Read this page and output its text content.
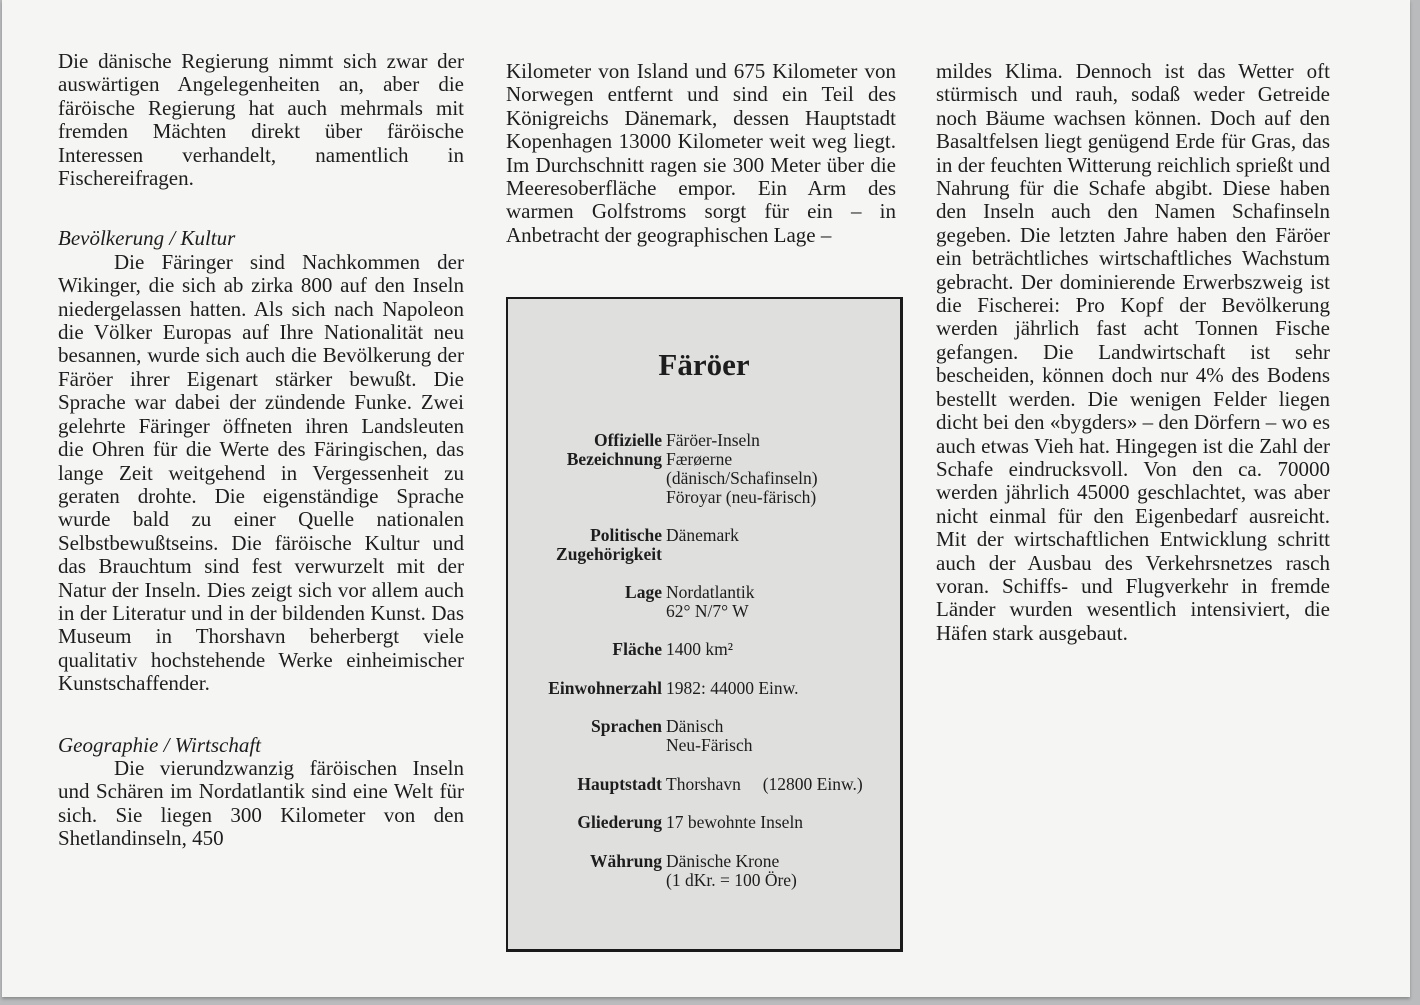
Die dänische Regierung nimmt sich zwar der auswärtigen Angelegenheiten an, aber die färöische Regierung hat auch mehrmals mit fremden Mächten direkt über färöische Interessen verhandelt, namentlich in Fischereifragen.

Bevölkerung / Kultur

Die Färinger sind Nachkommen der Wikinger, die sich ab zirka 800 auf den Inseln niedergelassen hatten. Als sich nach Napoleon die Völker Europas auf Ihre Nationalität neu besannen, wurde sich auch die Bevölkerung der Färöer ihrer Eigenart stärker bewußt. Die Sprache war dabei der zündende Funke. Zwei gelehrte Färinger öffneten ihren Landsleuten die Ohren für die Werte des Färingischen, das lange Zeit weitgehend in Vergessenheit zu geraten drohte. Die eigenständige Sprache wurde bald zu einer Quelle nationalen Selbstbewußtseins. Die färöische Kultur und das Brauchtum sind fest verwurzelt mit der Natur der Inseln. Dies zeigt sich vor allem auch in der Literatur und in der bildenden Kunst. Das Museum in Thorshavn beherbergt viele qualitativ hochstehende Werke einheimischer Kunstschaffender.

Geographie / Wirtschaft

Die vierundzwanzig färöischen Inseln und Schären im Nordatlantik sind eine Welt für sich. Sie liegen 300 Kilometer von den Shetlandinseln, 450

Kilometer von Island und 675 Kilometer von Norwegen entfernt und sind ein Teil des Königreichs Dänemark, dessen Hauptstadt Kopenhagen 13000 Kilometer weit weg liegt. Im Durchschnitt ragen sie 300 Meter über die Meeresoberfläche empor. Ein Arm des warmen Golfstroms sorgt für ein – in Anbetracht der geographischen Lage –

Färöer
Offizielle
Bezeichnung
Färöer-Inseln
Færøerne
(dänisch/Schafinseln)
Föroyar (neu-färisch)
Politische
Zugehörigkeit
Dänemark
Lage Nordatlantik
62° N/7° W
Fläche 1400 km²
Einwohnerzahl 1982: 44000 Einw.
Sprachen Dänisch
Neu-Färisch
Hauptstadt Thorshavn     (12800 Einw.)
Gliederung 17 bewohnte Inseln
Währung Dänische Krone
(1 dKr. = 100 Öre)

mildes Klima. Dennoch ist das Wetter oft stürmisch und rauh, sodaß weder Getreide noch Bäume wachsen können. Doch auf den Basaltfelsen liegt genügend Erde für Gras, das in der feuchten Witterung reichlich sprießt und Nahrung für die Schafe abgibt. Diese haben den Inseln auch den Namen Schafinseln gegeben. Die letzten Jahre haben den Färöer ein beträchtliches wirtschaftliches Wachstum gebracht. Der dominierende Erwerbszweig ist die Fischerei: Pro Kopf der Bevölkerung werden jährlich fast acht Tonnen Fische gefangen. Die Landwirtschaft ist sehr bescheiden, können doch nur 4% des Bodens bestellt werden. Die wenigen Felder liegen dicht bei den «bygders» – den Dörfern – wo es auch etwas Vieh hat. Hingegen ist die Zahl der Schafe eindrucksvoll. Von den ca. 70000 werden jährlich 45000 geschlachtet, was aber nicht einmal für den Eigenbedarf ausreicht. Mit der wirtschaftlichen Entwicklung schritt auch der Ausbau des Verkehrsnetzes rasch voran. Schiffs- und Flugverkehr in fremde Länder wurden wesentlich intensiviert, die Häfen stark ausgebaut.
